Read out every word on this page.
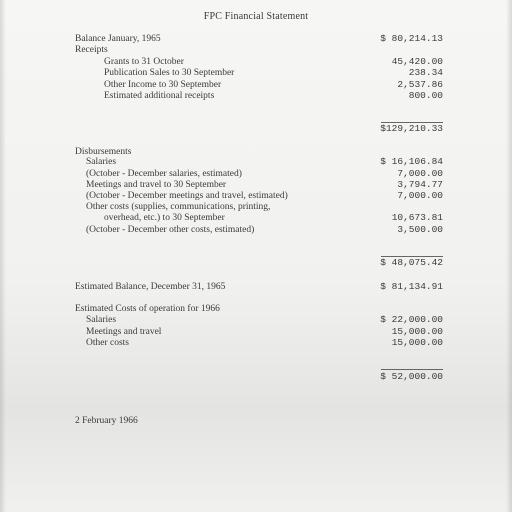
FPC Financial Statement
Balance January, 1965	$ 80,214.13
Receipts
Grants to 31 October	45,420.00
Publication Sales to 30 September	238.34
Other Income to 30 September	2,537.86
Estimated additional receipts	800.00
$129,210.33
Disbursements
Salaries	$ 16,106.84
(October - December salaries, estimated)	7,000.00
Meetings and travel to 30 September	3,794.77
(October - December meetings and travel, estimated)	7,000.00
Other costs (supplies, communications, printing,
overhead, etc.) to 30 September	10,673.81
(October - December other costs, estimated)	3,500.00
$ 48,075.42
Estimated Balance, December 31, 1965	$ 81,134.91
Estimated Costs of operation for 1966
Salaries	$ 22,000.00
Meetings and travel	15,000.00
Other costs	15,000.00
$ 52,000.00
2 February 1966
